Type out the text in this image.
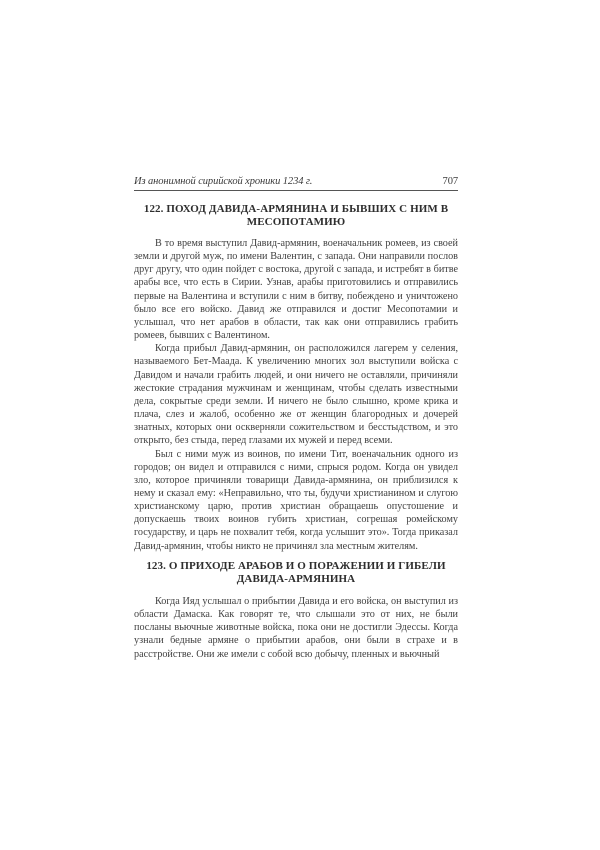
Из анонимной сирийской хроники 1234 г.	707
122. ПОХОД ДАВИДА-АРМЯНИНА И БЫВШИХ С НИМ В МЕСОПОТАМИЮ

В то время выступил Давид-армянин, военачальник ромеев, из своей земли и другой муж, по имени Валентин, с запада. Они направили послов друг другу, что один пойдет с востока, другой с запада, и истребят в битве арабы все, что есть в Сирии. Узнав, арабы приготовились и отправились первые на Валентина и вступили с ним в битву, побеждено и уничтожено было все его войско. Давид же отправился и достиг Месопотамии и услышал, что нет арабов в области, так как они отправились грабить ромеев, бывших с Валентином.

Когда прибыл Давид-армянин, он расположился лагерем у селения, называемого Бет-Маада. К увеличению многих зол выступили войска с Давидом и начали грабить людей, и они ничего не оставляли, причиняли жестокие страдания мужчинам и женщинам, чтобы сделать известными дела, сокрытые среди земли. И ничего не было слышно, кроме крика и плача, слез и жалоб, особенно же от женщин благородных и дочерей знатных, которых они оскверняли сожительством и бесстыдством, и это открыто, без стыда, перед глазами их мужей и перед всеми.

Был с ними муж из воинов, по имени Тит, военачальник одного из городов; он видел и отправился с ними, спрыся родом. Когда он увидел зло, которое причиняли товарищи Давида-армянина, он приблизился к нему и сказал ему: «Неправильно, что ты, будучи христианином и слугою христианскому царю, против христиан обращаешь опустошение и допускаешь твоих воинов губить христиан, согрешая ромейскому государству, и царь не похвалит тебя, когда услышит это». Тогда приказал Давид-армянин, чтобы никто не причинял зла местным жителям.

123. О ПРИХОДЕ АРАБОВ И О ПОРАЖЕНИИ И ГИБЕЛИ ДАВИДА-АРМЯНИНА

Когда Ияд услышал о прибытии Давида и его войска, он выступил из области Дамаска. Как говорят те, что слышали это от них, не были посланы вьючные животные войска, пока они не достигли Эдессы. Когда узнали бедные армяне о прибытии арабов, они были в страхе и в расстройстве. Они же имели с собой всю добычу, пленных и вьючный
